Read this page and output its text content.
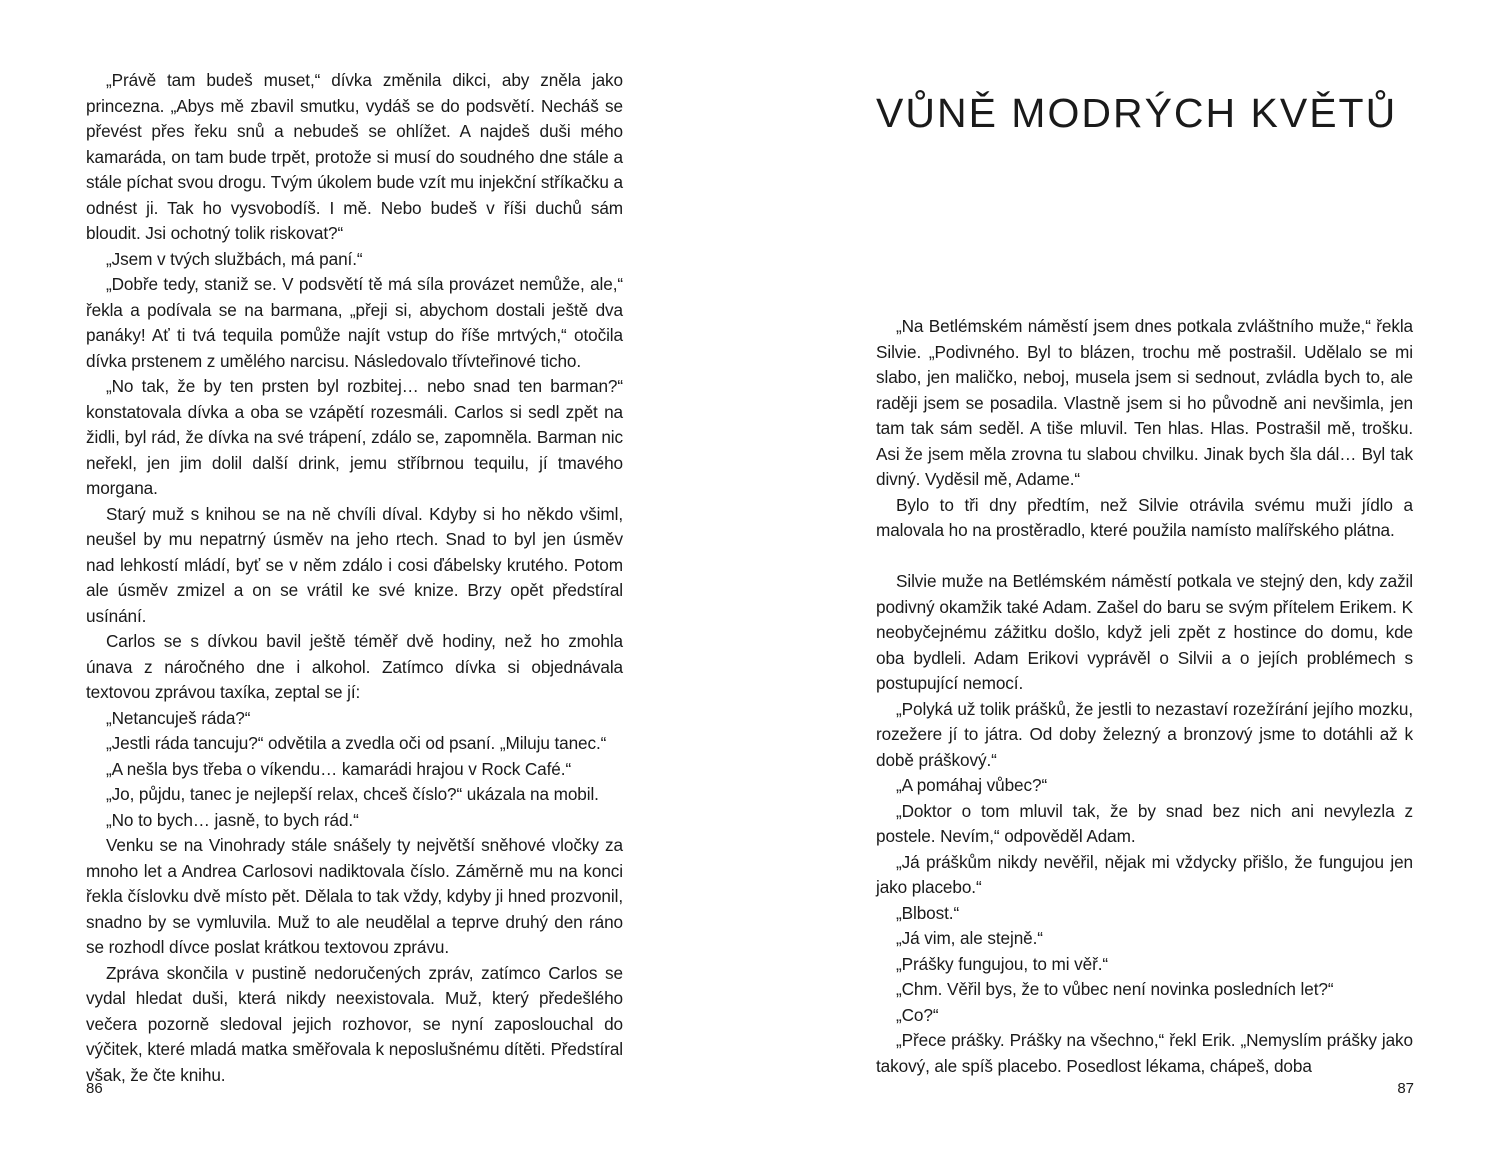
„Právě tam budeš muset,“ dívka změnila dikci, aby zněla jako princezna. „Abys mě zbavil smutku, vydáš se do podsvětí. Necháš se převést přes řeku snů a nebudeš se ohlížet. A najdeš duši mého kamaráda, on tam bude trpět, protože si musí do soudného dne stále a stále píchat svou drogu. Tvým úkolem bude vzít mu injekční stříkačku a odnést ji. Tak ho vysvobodíš. I mě. Nebo budeš v říši duchů sám bloudit. Jsi ochotný tolik riskovat?“

„Jsem v tvých službách, má paní.“

„Dobře tedy, staniž se. V podsvětí tě má síla provázet nemůže, ale,“ řekla a podívala se na barmana, „přeji si, abychom dostali ještě dva panáky! Ať ti tvá tequila pomůže najít vstup do říše mrtvých,“ otočila dívka prstenem z umělého narcisu. Následovalo třívteřinové ticho.

„No tak, že by ten prsten byl rozbitej… nebo snad ten barman?“ konstatovala dívka a oba se vzápětí rozesmáli. Carlos si sedl zpět na židli, byl rád, že dívka na své trápení, zdálo se, zapomněla. Barman nic neřekl, jen jim dolil další drink, jemu stříbrnou tequilu, jí tmavého morgana.

Starý muž s knihou se na ně chvíli díval. Kdyby si ho někdo všiml, neušel by mu nepatrný úsměv na jeho rtech. Snad to byl jen úsměv nad lehkostí mládí, byť se v něm zdálo i cosi ďábelsky krutého. Potom ale úsměv zmizel a on se vrátil ke své knize. Brzy opět předstíral usínání.

Carlos se s dívkou bavil ještě téměř dvě hodiny, než ho zmohla únava z náročného dne i alkohol. Zatímco dívka si objednávala textovou zprávou taxíka, zeptal se jí:

„Netancuješ ráda?“

„Jestli ráda tancuju?“ odvětila a zvedla oči od psaní. „Miluju tanec.“

„A nešla bys třeba o víkendu… kamarádi hrajou v Rock Café.“

„Jo, půjdu, tanec je nejlepší relax, chceš číslo?“ ukázala na mobil.

„No to bych… jasně, to bych rád.“

Venku se na Vinohrady stále snášely ty největší sněhové vločky za mnoho let a Andrea Carlosovi nadiktovala číslo. Záměrně mu na konci řekla číslovku dvě místo pět. Dělala to tak vždy, kdyby ji hned prozvonil, snadno by se vymluvila. Muž to ale neudělal a teprve druhý den ráno se rozhodl dívce poslat krátkou textovou zprávu.

Zpráva skončila v pustině nedoručených zpráv, zatímco Carlos se vydal hledat duši, která nikdy neexistovala. Muž, který předešlého večera pozorně sledoval jejich rozhovor, se nyní zaposlouchal do výčitek, které mladá matka směřovala k neposlušnému dítěti. Předstíral však, že čte knihu.

86
VŮNĚ MODRÝCH KVĚTŮ

„Na Betlémském náměstí jsem dnes potkala zvláštního muže,“ řekla Silvie. „Podivného. Byl to blázen, trochu mě postrašil. Udělalo se mi slabo, jen maličko, neboj, musela jsem si sednout, zvládla bych to, ale raději jsem se posadila. Vlastně jsem si ho původně ani nevšimla, jen tam tak sám seděl. A tiše mluvil. Ten hlas. Hlas. Postrašil mě, trošku. Asi že jsem měla zrovna tu slabou chvilku. Jinak bych šla dál… Byl tak divný. Vyděsil mě, Adame.“

Bylo to tři dny předtím, než Silvie otrávila svému muži jídlo a malovala ho na prostěradlo, které použila namísto malířského plátna.

Silvie muže na Betlémském náměstí potkala ve stejný den, kdy zažil podivný okamžik také Adam. Zašel do baru se svým přítelem Erikem. K neobyčejnému zážitku došlo, když jeli zpět z hostince do domu, kde oba bydleli. Adam Erikovi vyprávěl o Silvii a o jejích problémech s postupující nemocí.

„Polyká už tolik prášků, že jestli to nezastaví rozežírání jejího mozku, rozežere jí to játra. Od doby železný a bronzový jsme to dotáhli až k době práškový.“

„A pomáhaj vůbec?“

„Doktor o tom mluvil tak, že by snad bez nich ani nevylezla z postele. Nevím,“ odpověděl Adam.

„Já práškům nikdy nevěřil, nějak mi vždycky přišlo, že fungujou jen jako placebo.“

„Blbost.“

„Já vim, ale stejně.“

„Prášky fungujou, to mi věř.“

„Chm. Věřil bys, že to vůbec není novinka posledních let?“

„Co?“

„Přece prášky. Prášky na všechno,“ řekl Erik. „Nemyslím prášky jako takový, ale spíš placebo. Posedlost lékama, chápeš, doba

87
